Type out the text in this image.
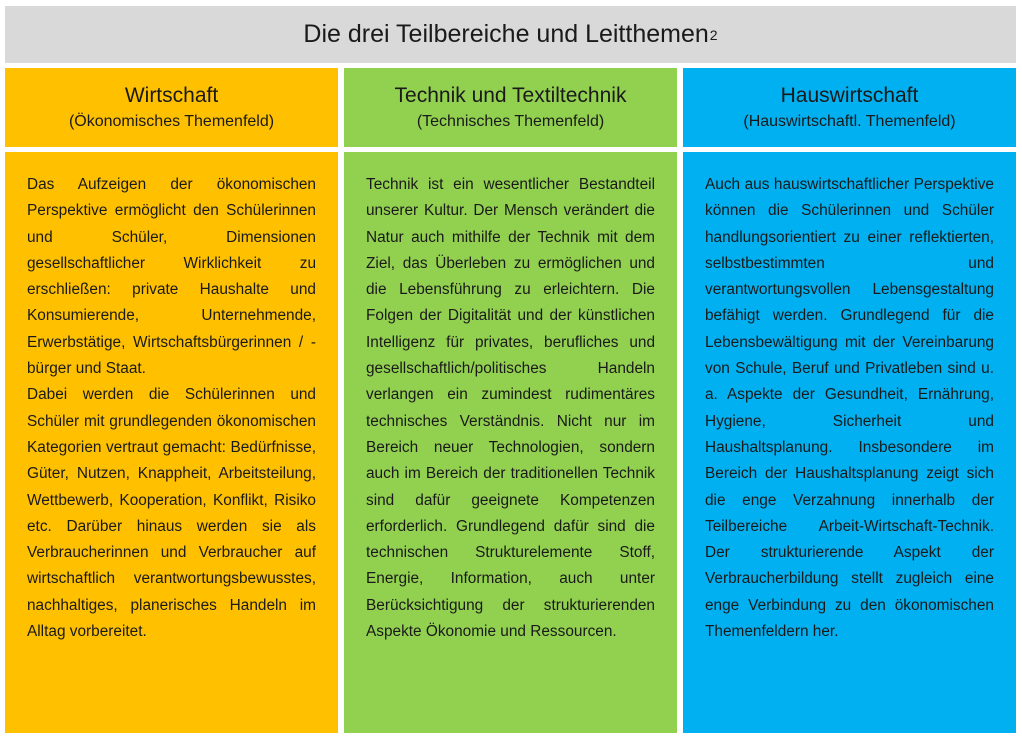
Die drei Teilbereiche und Leitthemen 2
Wirtschaft
(Ökonomisches Themenfeld)

Das Aufzeigen der ökonomischen Perspektive ermöglicht den Schülerinnen und Schüler, Dimensionen gesellschaftlicher Wirklichkeit zu erschließen: private Haushalte und Konsumierende, Unternehmende, Erwerbstätige, Wirtschaftsbürgerinnen / -bürger und Staat.

Dabei werden die Schülerinnen und Schüler mit grundlegenden ökonomischen Kategorien vertraut gemacht: Bedürfnisse, Güter, Nutzen, Knappheit, Arbeitsteilung, Wettbewerb, Kooperation, Konflikt, Risiko etc. Darüber hinaus werden sie als Verbraucherinnen und Verbraucher auf wirtschaftlich verantwortungsbewusstes, nachhaltiges, planerisches Handeln im Alltag vorbereitet.

Technik und Textiltechnik
(Technisches Themenfeld)

Technik ist ein wesentlicher Bestandteil unserer Kultur. Der Mensch verändert die Natur auch mithilfe der Technik mit dem Ziel, das Überleben zu ermöglichen und die Lebensführung zu erleichtern. Die Folgen der Digitalität und der künstlichen Intelligenz für privates, berufliches und gesellschaftlich/politisches Handeln verlangen ein zumindest rudimentäres technisches Verständnis. Nicht nur im Bereich neuer Technologien, sondern auch im Bereich der traditionellen Technik sind dafür geeignete Kompetenzen erforderlich. Grundlegend dafür sind die technischen Strukturelemente Stoff, Energie, Information, auch unter Berücksichtigung der strukturierenden Aspekte Ökonomie und Ressourcen.

Hauswirtschaft
(Hauswirtschaftl. Themenfeld)

Auch aus hauswirtschaftlicher Perspektive können die Schülerinnen und Schüler handlungsorientiert zu einer reflektierten, selbstbestimmten und verantwortungsvollen Lebensgestaltung befähigt werden. Grundlegend für die Lebensbewältigung mit der Vereinbarung von Schule, Beruf und Privatleben sind u. a. Aspekte der Gesundheit, Ernährung, Hygiene, Sicherheit und Haushaltsplanung. Insbesondere im Bereich der Haushaltsplanung zeigt sich die enge Verzahnung innerhalb der Teilbereiche Arbeit-Wirtschaft-Technik. Der strukturierende Aspekt der Verbraucherbildung stellt zugleich eine enge Verbindung zu den ökonomischen Themenfeldern her.
